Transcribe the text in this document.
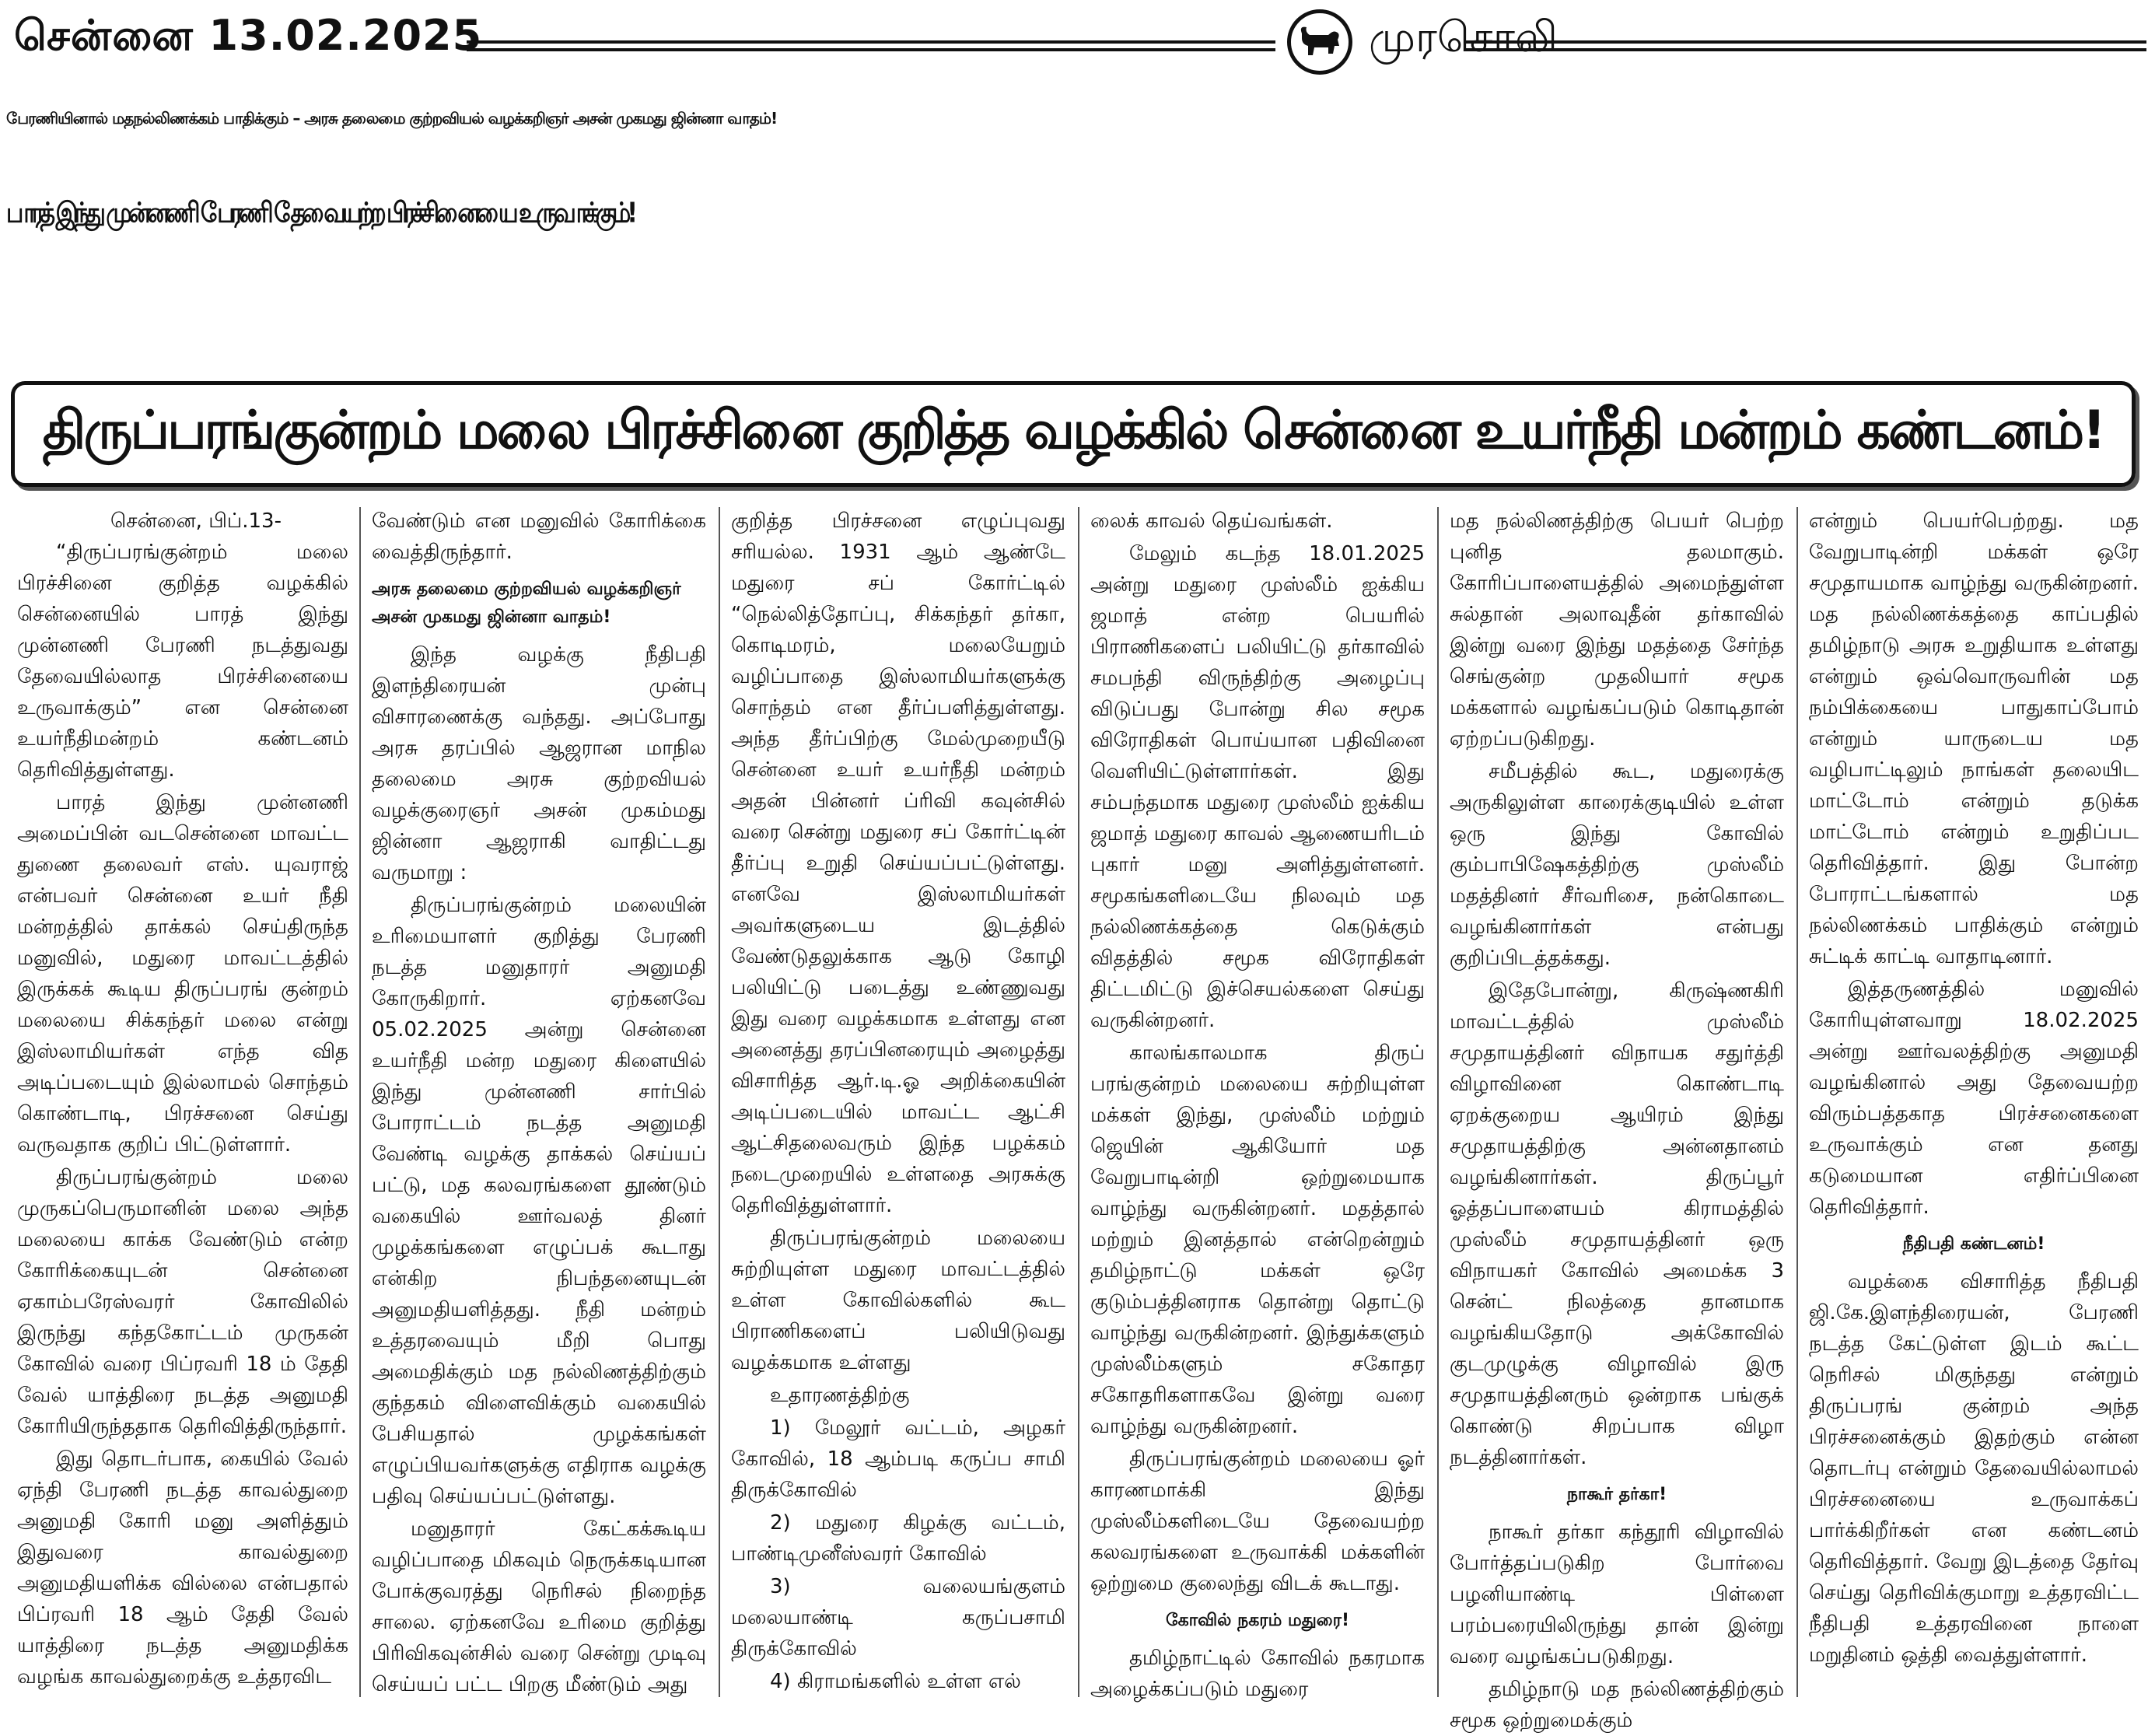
சென்னை 13.02.2025	முரசொலி
பேரணியினால் மதநல்லிணக்கம் பாதிக்கும் – அரசு தலைமை குற்றவியல் வழக்கறிஞர் அசன் முகமது ஜின்னா வாதம்!
பாரத் இந்து முன்னணி பேரணி தேவையற்ற பிரச்சினையை உருவாக்கும்!
திருப்பரங்குன்றம் மலை பிரச்சினை குறித்த வழக்கில் சென்னை உயர்நீதி மன்றம் கண்டனம்!

சென்னை, பிப்.13-

“திருப்பரங்குன்றம் மலை பிரச்சினை குறித்த வழக்கில் சென்னையில் பாரத் இந்து முன்னணி பேரணி நடத்துவது தேவையில்லாத பிரச்சினையை உருவாக்கும்” என சென்னை உயர்நீதிமன்றம் கண்டனம் தெரிவித்துள்ளது.

பாரத் இந்து முன்னணி அமைப்பின் வடசென்னை மாவட்ட துணை தலைவர் எஸ். யுவராஜ் என்பவர் சென்னை உயர் நீதி மன்றத்தில் தாக்கல் செய்திருந்த மனுவில், மதுரை மாவட்டத்தில் இருக்கக் கூடிய திருப்பரங் குன்றம் மலையை சிக்கந்தர் மலை என்று இஸ்லாமியர்கள் எந்த வித அடிப்படையும் இல்லாமல் சொந்தம் கொண்டாடி, பிரச்சனை செய்து வருவதாக குறிப் பிட்டுள்ளார்.

திருப்பரங்குன்றம் மலை முருகப்பெருமானின் மலை அந்த மலையை காக்க வேண்டும் என்ற கோரிக்கையுடன் சென்னை ஏகாம்பரேஸ்வரர் கோவிலில் இருந்து கந்தகோட்டம் முருகன் கோவில் வரை பிப்ரவரி 18 ம் தேதி வேல் யாத்திரை நடத்த அனுமதி கோரியிருந்ததாக தெரிவித்திருந்தார்.

இது தொடர்பாக, கையில் வேல் ஏந்தி பேரணி நடத்த காவல்துறை அனுமதி கோரி மனு அளித்தும் இதுவரை காவல்துறை அனுமதியளிக்க வில்லை என்பதால் பிப்ரவரி 18 ஆம் தேதி வேல் யாத்திரை நடத்த அனுமதிக்க வழங்க காவல்துறைக்கு உத்தரவிட

வேண்டும் என மனுவில் கோரிக்கை வைத்திருந்தார்.

அரசு தலைமை குற்றவியல் வழக்கறிஞர் அசன் முகமது ஜின்னா வாதம்!

இந்த வழக்கு நீதிபதி இளந்திரையன் முன்பு விசாரணைக்கு வந்தது. அப்போது அரசு தரப்பில் ஆஜரான மாநில தலைமை அரசு குற்றவியல் வழக்குரைஞர் அசன் முகம்மது ஜின்னா ஆஜராகி வாதிட்டது வருமாறு :

திருப்பரங்குன்றம் மலையின் உரிமையாளர் குறித்து பேரணி நடத்த மனுதாரர் அனுமதி கோருகிறார். ஏற்கனவே 05.02.2025 அன்று சென்னை உயர்நீதி மன்ற மதுரை கிளையில் இந்து முன்னணி சார்பில் போராட்டம் நடத்த அனுமதி வேண்டி வழக்கு தாக்கல் செய்யப் பட்டு, மத கலவரங்களை தூண்டும் வகையில் ஊர்வலத் தினர் முழக்கங்களை எழுப்பக் கூடாது என்கிற நிபந்தனையுடன் அனுமதியளித்தது. நீதி மன்றம் உத்தரவையும் மீறி பொது அமைதிக்கும் மத நல்லிணத்திற்கும் குந்தகம் விளைவிக்கும் வகையில் பேசியதால் முழக்கங்கள் எழுப்பியவர்களுக்கு எதிராக வழக்கு பதிவு செய்யப்பட்டுள்ளது.

மனுதாரர் கேட்கக்கூடிய வழிப்பாதை மிகவும் நெருக்கடியான போக்குவரத்து நெரிசல் நிறைந்த சாலை. ஏற்கனவே உரிமை குறித்து பிரிவிகவுன்சில் வரை சென்று முடிவு செய்யப் பட்ட பிறகு மீண்டும் அது

குறித்த பிரச்சனை எழுப்புவது சரியல்ல. 1931 ஆம் ஆண்டே மதுரை சப் கோர்ட்டில் “நெல்லித்தோப்பு, சிக்கந்தர் தர்கா, கொடிமரம், மலையேறும் வழிப்பாதை இஸ்லாமியர்களுக்கு சொந்தம் என தீர்ப்பளித்துள்ளது. அந்த தீர்ப்பிற்கு மேல்முறையீடு சென்னை உயர் உயர்நீதி மன்றம் அதன் பின்னர் ப்ரிவி கவுன்சில் வரை சென்று மதுரை சப் கோர்ட்டின் தீர்ப்பு உறுதி செய்யப்பட்டுள்ளது. எனவே இஸ்லாமியர்கள் அவர்களுடைய இடத்தில் வேண்டுதலுக்காக ஆடு கோழி பலியிட்டு படைத்து உண்ணுவது இது வரை வழக்கமாக உள்ளது என அனைத்து தரப்பினரையும் அழைத்து விசாரித்த ஆர்.டி.ஓ அறிக்கையின் அடிப்படையில் மாவட்ட ஆட்சி ஆட்சிதலைவரும் இந்த பழக்கம் நடைமுறையில் உள்ளதை அரசுக்கு தெரிவித்துள்ளார்.

திருப்பரங்குன்றம் மலையை சுற்றியுள்ள மதுரை மாவட்டத்தில் உள்ள கோவில்களில் கூட பிராணிகளைப் பலியிடுவது வழக்கமாக உள்ளது

உதாரணத்திற்கு

1) மேலூர் வட்டம், அழகர் கோவில், 18 ஆம்படி கருப்ப சாமி திருக்கோவில்

2) மதுரை கிழக்கு வட்டம், பாண்டிமுனீஸ்வரர் கோவில்

3) வலையங்குளம் மலையாண்டி கருப்பசாமி திருக்கோவில்

4) கிராமங்களில் உள்ள எல்

லைக் காவல் தெய்வங்கள்.

மேலும் கடந்த 18.01.2025 அன்று மதுரை முஸ்லீம் ஐக்கிய ஜமாத் என்ற பெயரில் பிராணிகளைப் பலியிட்டு தர்காவில் சமபந்தி விருந்திற்கு அழைப்பு விடுப்பது போன்று சில சமூக விரோதிகள் பொய்யான பதிவினை வெளியிட்டுள்ளார்கள். இது சம்பந்தமாக மதுரை முஸ்லீம் ஐக்கிய ஜமாத் மதுரை காவல் ஆணையரிடம் புகார் மனு அளித்துள்ளனர். சமூகங்களிடையே நிலவும் மத நல்லிணக்கத்தை கெடுக்கும் விதத்தில் சமூக விரோதிகள் திட்டமிட்டு இச்செயல்களை செய்து வருகின்றனர்.

காலங்காலமாக திருப் பரங்குன்றம் மலையை சுற்றியுள்ள மக்கள் இந்து, முஸ்லீம் மற்றும் ஜெயின் ஆகியோர் மத வேறுபாடின்றி ஒற்றுமையாக வாழ்ந்து வருகின்றனர். மதத்தால் மற்றும் இனத்தால் என்றென்றும் தமிழ்நாட்டு மக்கள் ஒரே குடும்பத்தினராக தொன்று தொட்டு வாழ்ந்து வருகின்றனர். இந்துக்களும் முஸ்லீம்களும் சகோதர சகோதரிகளாகவே இன்று வரை வாழ்ந்து வருகின்றனர்.

திருப்பரங்குன்றம் மலையை ஓர் காரணமாக்கி இந்து முஸ்லீம்களிடையே தேவையற்ற கலவரங்களை உருவாக்கி மக்களின் ஒற்றுமை குலைந்து விடக் கூடாது.

கோவில் நகரம் மதுரை!

தமிழ்நாட்டில் கோவில் நகரமாக அழைக்கப்படும் மதுரை

மத நல்லிணத்திற்கு பெயர் பெற்ற புனித தலமாகும். கோரிப்பாளையத்தில் அமைந்துள்ள சுல்தான் அலாவுதீன் தர்காவில் இன்று வரை இந்து மதத்தை சேர்ந்த செங்குன்ற முதலியார் சமூக மக்களால் வழங்கப்படும் கொடிதான் ஏற்றப்படுகிறது.

சமீபத்தில் கூட, மதுரைக்கு அருகிலுள்ள காரைக்குடியில் உள்ள ஒரு இந்து கோவில் கும்பாபிஷேகத்திற்கு முஸ்லீம் மதத்தினர் சீர்வரிசை, நன்கொடை வழங்கினார்கள் என்பது குறிப்பிடத்தக்கது.

இதேபோன்று, கிருஷ்ணகிரி மாவட்டத்தில் முஸ்லீம் சமுதாயத்தினர் விநாயக சதுர்த்தி விழாவினை கொண்டாடி ஏறக்குறைய ஆயிரம் இந்து சமுதாயத்திற்கு அன்னதானம் வழங்கினார்கள். திருப்பூர் ஓத்தப்பாளையம் கிராமத்தில் முஸ்லீம் சமுதாயத்தினர் ஒரு விநாயகர் கோவில் அமைக்க 3 சென்ட் நிலத்தை தானமாக வழங்கியதோடு அக்கோவில் குடமுழுக்கு விழாவில் இரு சமுதாயத்தினரும் ஒன்றாக பங்குக் கொண்டு சிறப்பாக விழா நடத்தினார்கள்.

நாகூர் தர்கா!

நாகூர் தர்கா கந்தூரி விழாவில் போர்த்தப்படுகிற போர்வை பழனியாண்டி பிள்ளை பரம்பரையிலிருந்து தான் இன்று வரை வழங்கப்படுகிறது.

தமிழ்நாடு மத நல்லிணத்திற்கும் சமூக ஒற்றுமைக்கும்

என்றும் பெயர்பெற்றது. மத வேறுபாடின்றி மக்கள் ஒரே சமுதாயமாக வாழ்ந்து வருகின்றனர். மத நல்லிணக்கத்தை காப்பதில் தமிழ்நாடு அரசு உறுதியாக உள்ளது என்றும் ஒவ்வொருவரின் மத நம்பிக்கையை பாதுகாப்போம் என்றும் யாருடைய மத வழிபாட்டிலும் நாங்கள் தலையிட மாட்டோம் என்றும் தடுக்க மாட்டோம் என்றும் உறுதிப்பட தெரிவித்தார். இது போன்ற போராட்டங்களால் மத நல்லிணக்கம் பாதிக்கும் என்றும் சுட்டிக் காட்டி வாதாடினார்.

இத்தருணத்தில் மனுவில் கோரியுள்ளவாறு 18.02.2025 அன்று ஊர்வலத்திற்கு அனுமதி வழங்கினால் அது தேவையற்ற விரும்பத்தகாத பிரச்சனைகளை உருவாக்கும் என தனது கடுமையான எதிர்ப்பினை தெரிவித்தார்.

நீதிபதி கண்டனம்!

வழக்கை விசாரித்த நீதிபதி ஜி.கே.இளந்திரையன், பேரணி நடத்த கேட்டுள்ள இடம் கூட்ட நெரிசல் மிகுந்தது என்றும் திருப்பரங் குன்றம் அந்த பிரச்சனைக்கும் இதற்கும் என்ன தொடர்பு என்றும் தேவையில்லாமல் பிரச்சனையை உருவாக்கப் பார்க்கிறீர்கள் என கண்டனம் தெரிவித்தார். வேறு இடத்தை தேர்வு செய்து தெரிவிக்குமாறு உத்தரவிட்ட நீதிபதி உத்தரவினை நாளை மறுதினம் ஒத்தி வைத்துள்ளார்.
